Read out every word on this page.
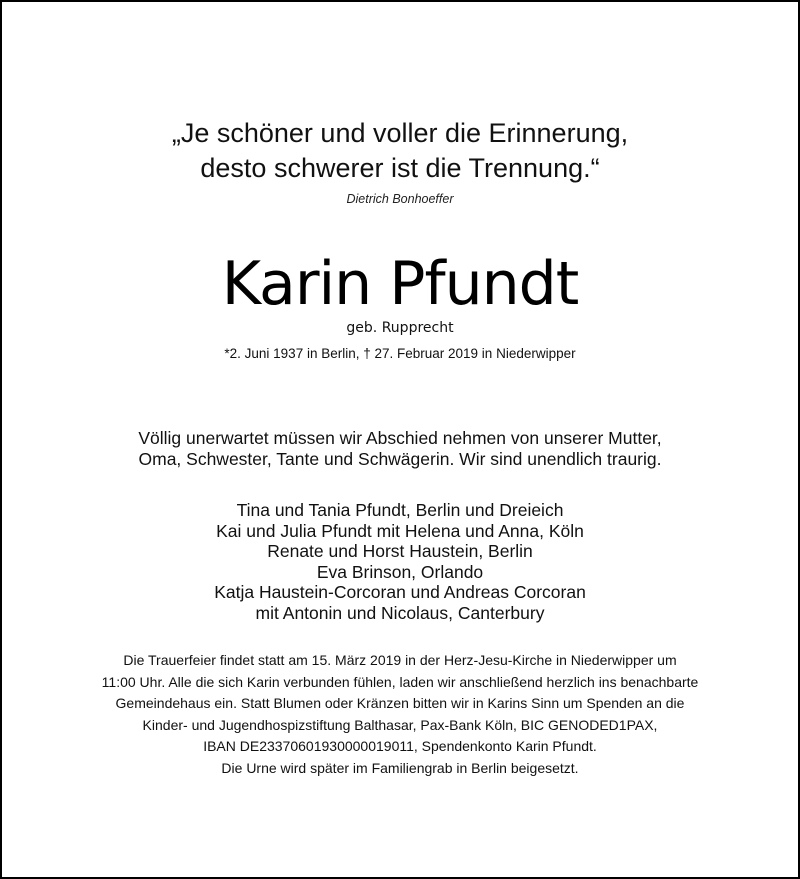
„Je schöner und voller die Erinnerung,
desto schwerer ist die Trennung.“
Dietrich Bonhoeffer
Karin Pfundt
geb. Rupprecht
*2. Juni 1937 in Berlin, † 27. Februar 2019 in Niederwipper
Völlig unerwartet müssen wir Abschied nehmen von unserer Mutter,
Oma, Schwester, Tante und Schwägerin. Wir sind unendlich traurig.
Tina und Tania Pfundt, Berlin und Dreieich
Kai und Julia Pfundt mit Helena und Anna, Köln
Renate und Horst Haustein, Berlin
Eva Brinson, Orlando
Katja Haustein-Corcoran und Andreas Corcoran
mit Antonin und Nicolaus, Canterbury
Die Trauerfeier findet statt am 15. März 2019 in der Herz-Jesu-Kirche in Niederwipper um
11:00 Uhr. Alle die sich Karin verbunden fühlen, laden wir anschließend herzlich ins benachbarte
Gemeindehaus ein. Statt Blumen oder Kränzen bitten wir in Karins Sinn um Spenden an die
Kinder- und Jugendhospizstiftung Balthasar, Pax-Bank Köln, BIC GENODED1PAX,
IBAN DE23370601930000019011, Spendenkonto Karin Pfundt.
Die Urne wird später im Familiengrab in Berlin beigesetzt.
